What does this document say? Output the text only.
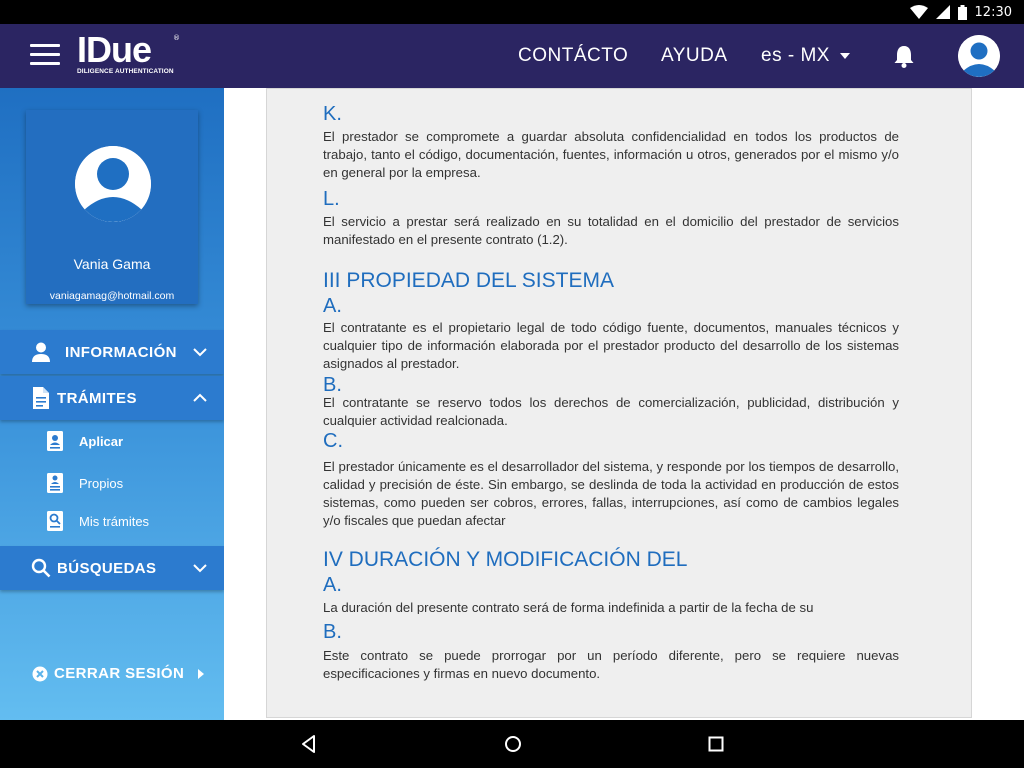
12:30
IDue	®
DILIGENCE AUTHENTICATION
CONTÁCTO AYUDA es - MX
Vania Gama
vaniagamag@hotmail.com
INFORMACIÓN
TRÁMITES
Aplicar
Propios
Mis trámites
BÚSQUEDAS
CERRAR SESIÓN
K.
El prestador se compromete a guardar absoluta confidencialidad en todos los productos de trabajo, tanto el código, documentación, fuentes, información u otros, generados por el mismo y/o en general por la empresa.
L.
El servicio a prestar será realizado en su totalidad en el domicilio del prestador de servicios manifestado en el presente contrato (1.2).
III PROPIEDAD DEL SISTEMA
A.
El contratante es el propietario legal de todo código fuente, documentos, manuales técnicos y cualquier tipo de información elaborada por el prestador producto del desarrollo de los sistemas asignados al prestador.
B.
El contratante se reservo todos los derechos de comercialización, publicidad, distribución y cualquier actividad realcionada.
C.
El prestador únicamente es el desarrollador del sistema, y responde por los tiempos de desarrollo, calidad y precisión de éste. Sin embargo, se deslinda de toda la actividad en producción de estos sistemas, como pueden ser cobros, errores, fallas, interrupciones, así como de cambios legales y/o fiscales que puedan afectar
IV DURACIÓN Y MODIFICACIÓN DEL
A.
La duración del presente contrato será de forma indefinida a partir de la fecha de su
B.
Este contrato se puede prorrogar por un período diferente, pero se requiere nuevas especificaciones y firmas en nuevo documento.
